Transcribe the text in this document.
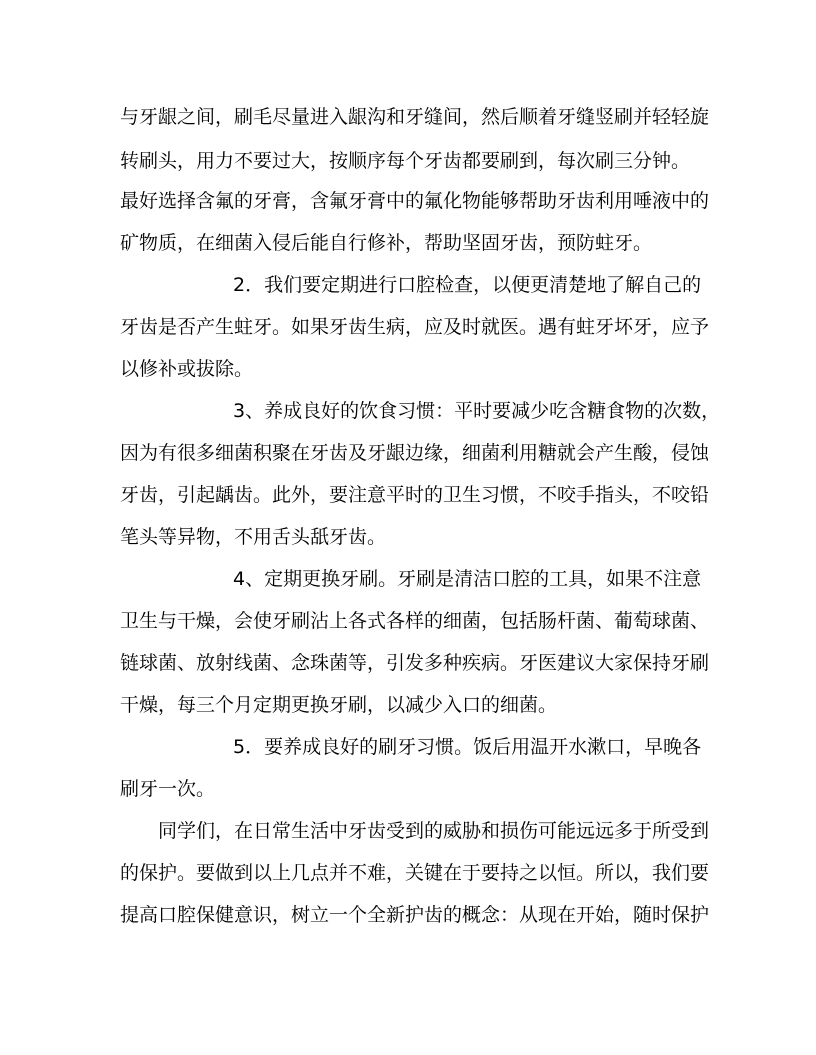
与牙龈之间，刷毛尽量进入龈沟和牙缝间，然后顺着牙缝竖刷并轻轻旋
转刷头，用力不要过大，按顺序每个牙齿都要刷到，每次刷三分钟。
最好选择含氟的牙膏，含氟牙膏中的氟化物能够帮助牙齿利用唾液中的
矿物质，在细菌入侵后能自行修补，帮助坚固牙齿，预防蛀牙。
2．我们要定期进行口腔检查，以便更清楚地了解自己的
牙齿是否产生蛀牙。如果牙齿生病，应及时就医。遇有蛀牙坏牙，应予
以修补或拔除。
3、养成良好的饮食习惯：平时要减少吃含糖食物的次数，
因为有很多细菌积聚在牙齿及牙龈边缘，细菌利用糖就会产生酸，侵蚀
牙齿，引起龋齿。此外，要注意平时的卫生习惯，不咬手指头，不咬铅
笔头等异物，不用舌头舐牙齿。
4、定期更换牙刷。牙刷是清洁口腔的工具，如果不注意
卫生与干燥，会使牙刷沾上各式各样的细菌，包括肠杆菌、葡萄球菌、
链球菌、放射线菌、念珠菌等，引发多种疾病。牙医建议大家保持牙刷
干燥，每三个月定期更换牙刷，以减少入口的细菌。
5．要养成良好的刷牙习惯。饭后用温开水漱口，早晚各
刷牙一次。
同学们，在日常生活中牙齿受到的威胁和损伤可能远远多于所受到
的保护。要做到以上几点并不难，关键在于要持之以恒。所以，我们要
提高口腔保健意识，树立一个全新护齿的概念：从现在开始，随时保护
